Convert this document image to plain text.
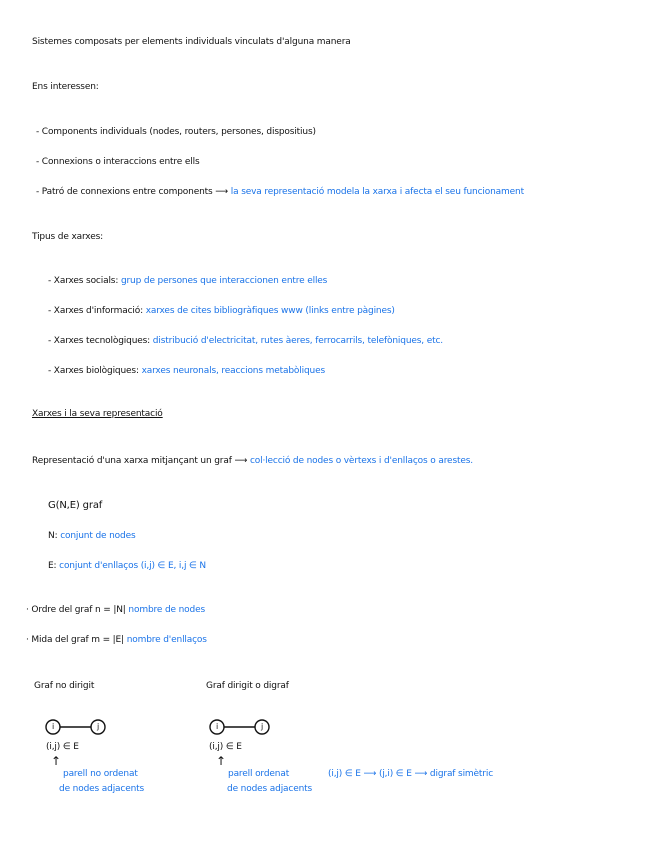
Sistemes composats per elements individuals vinculats d'alguna manera
Ens interessen:
- Components individuals (nodes, routers, persones, dispositius)
- Connexions o interaccions entre ells
- Patró de connexions entre components ⟶ la seva representació modela la xarxa i afecta el seu funcionament
Tipus de xarxes:
- Xarxes socials: grup de persones que interaccionen entre elles
- Xarxes d'informació: xarxes de cites bibliogràfiques www (links entre pàgines)
- Xarxes tecnològiques: distribució d'electricitat, rutes àeres, ferrocarrils, telefòniques, etc.
- Xarxes biològiques: xarxes neuronals, reaccions metabòliques
Xarxes i la seva representació
Representació d'una xarxa mitjançant un graf ⟶ col·lecció de nodes o vèrtexs i d'enllaços o arestes.
G(N,E) graf
N: conjunt de nodes
E: conjunt d'enllaços (i,j) ∈ E, i,j ∈ N
· Ordre del graf n = |N| nombre de nodes
· Mida del graf m = |E| nombre d'enllaços
Graf no dirigit
i	j
(i,j) ∈ E
↑
parell no ordenat
de nodes adjacents
Graf dirigit o digraf
i	j
(i,j) ∈ E
↑
parell ordenat
de nodes adjacents
(i,j) ∈ E ⟶ (j,i) ∈ E ⟶ digraf simètric
